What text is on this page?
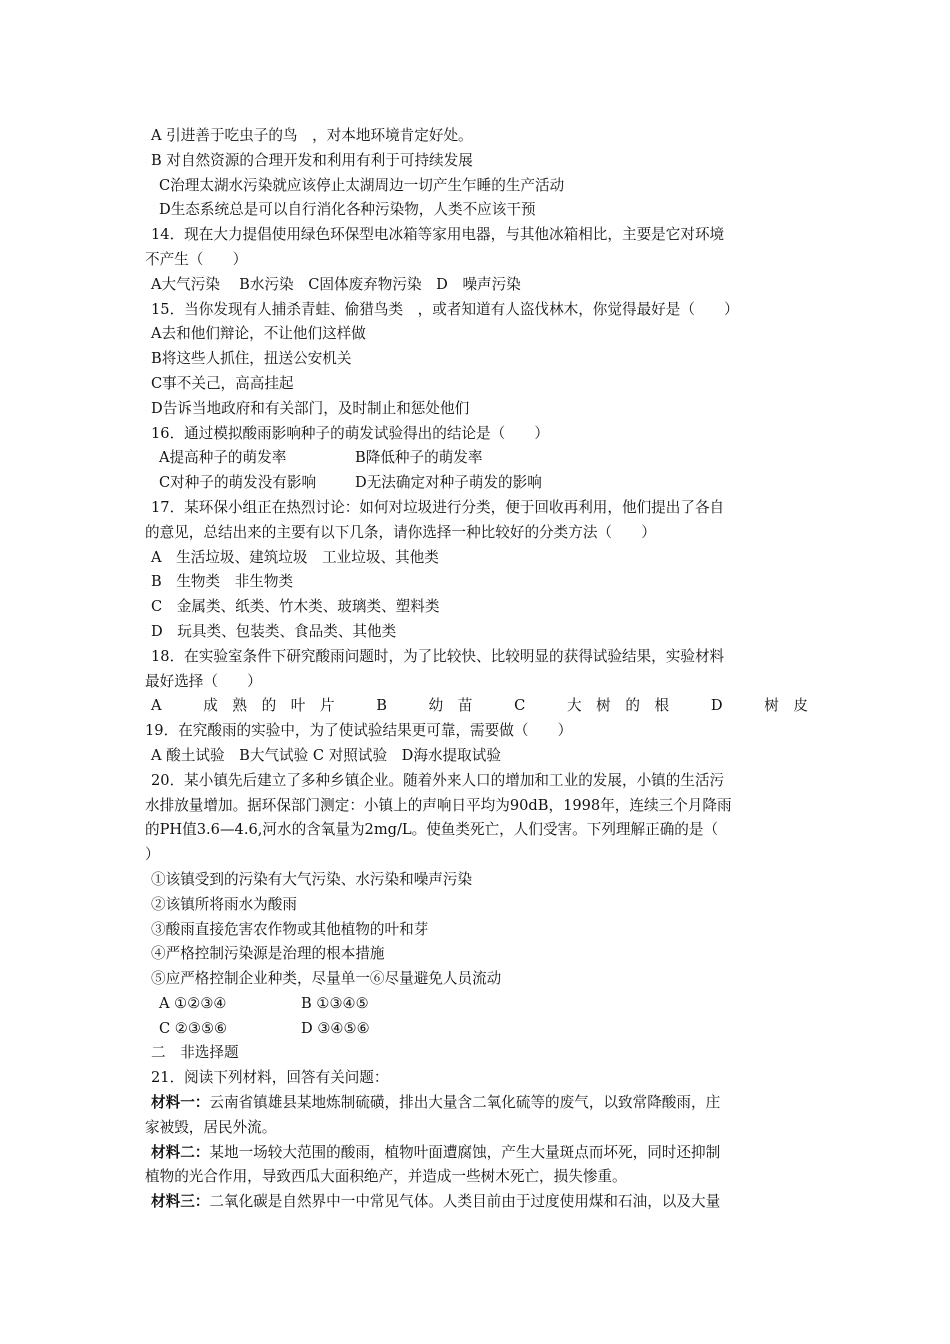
A 引进善于吃虫子的鸟　，对本地环境肯定好处。
B 对自然资源的合理开发和利用有利于可持续发展
C治理太湖水污染就应该停止太湖周边一切产生乍睡的生产活动
D生态系统总是可以自行消化各种污染物，人类不应该干预
14．现在大力提倡使用绿色环保型电冰箱等家用电器，与其他冰箱相比，主要是它对环境
不产生（　　）
A大气污染　 B水污染　C固体废弃物污染　D　噪声污染
15．当你发现有人捕杀青蛙、偷猎鸟类　，或者知道有人盗伐林木，你觉得最好是（　　）
A去和他们辩论，不让他们这样做
B将这些人抓住，扭送公安机关
C事不关己，高高挂起
D告诉当地政府和有关部门，及时制止和惩处他们
16．通过模拟酸雨影响种子的萌发试验得出的结论是（　　）
A提高种子的萌发率	B降低种子的萌发率
C对种子的萌发没有影响	D无法确定对种子萌发的影响
17．某环保小组正在热烈讨论：如何对垃圾进行分类，便于回收再利用，他们提出了各自
的意见，总结出来的主要有以下几条，请你选择一种比较好的分类方法（　　）
A　生活垃圾、建筑垃圾　工业垃圾、其他类
B　生物类　非生物类
C　金属类、纸类、竹木类、玻璃类、塑料类
D　玩具类、包装类、食品类、其他类
18．在实验室条件下研究酸雨问题时，为了比较快、比较明显的获得试验结果，实验材料
最好选择（　　）
A	成　熟　的　叶　片	B	幼　苗	C	大　树　的　根	D	树　皮
19．在究酸雨的实验中，为了使试验结果更可靠，需要做（　　）
A 酸土试验　B大气试验 C 对照试验　D海水提取试验
20．某小镇先后建立了多种乡镇企业。随着外来人口的增加和工业的发展，小镇的生活污
水排放量增加。据环保部门测定：小镇上的声响日平均为90dB，1998年，连续三个月降雨
的PH值3.6—4.6,河水的含氧量为2mg/L。使鱼类死亡，人们受害。下列理解正确的是（
）
①该镇受到的污染有大气污染、水污染和噪声污染
②该镇所将雨水为酸雨
③酸雨直接危害农作物或其他植物的叶和芽
④严格控制污染源是治理的根本措施
⑤应严格控制企业种类，尽量单一⑥尽量避免人员流动
A ①②③④	B ①③④⑤
C ②③⑤⑥	D ③④⑤⑥
二　非选择题
21．阅读下列材料，回答有关问题：
材料一：云南省镇雄县某地炼制硫磺，排出大量含二氧化硫等的废气，以致常降酸雨，庄
家被毁，居民外流。
材料二：某地一场较大范围的酸雨，植物叶面遭腐蚀，产生大量斑点而坏死，同时还抑制
植物的光合作用，导致西瓜大面积绝产，并造成一些树木死亡，损失惨重。
材料三：二氧化碳是自然界中一中常见气体。人类目前由于过度使用煤和石油，以及大量
